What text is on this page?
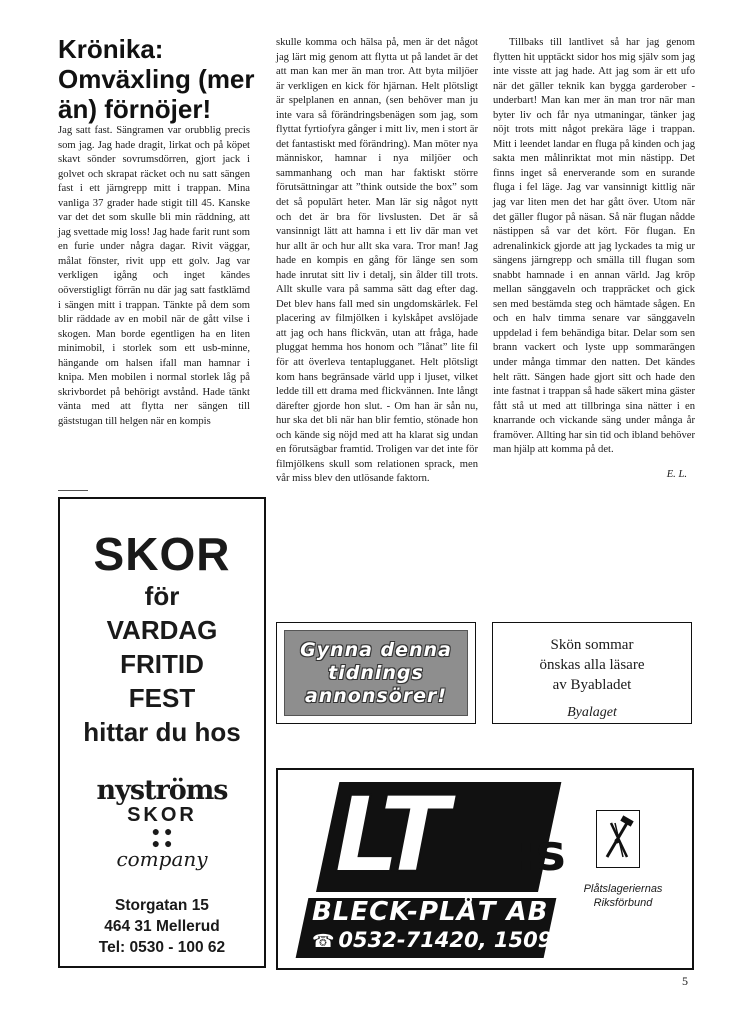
Krönika:
Omväxling (mer
än) förnöjer!

Jag satt fast. Sängramen var orubblig precis som jag. Jag hade dragit, lirkat och på köpet skavt sönder sovrumsdörren, gjort jack i golvet och skrapat räcket och nu satt sängen fast i ett järngrepp mitt i trappan. Mina vanliga 37 grader hade stigit till 45. Kanske var det det som skulle bli min räddning, att jag svettade mig loss! Jag hade farit runt som en furie under några dagar. Rivit väggar, målat fönster, rivit upp ett golv. Jag var verkligen igång och inget kändes oöverstigligt förrän nu där jag satt fastklämd i sängen mitt i trappan. Tänkte på dem som blir räddade av en mobil när de gått vilse i skogen. Man borde egentligen ha en liten minimobil, i storlek som ett usb-minne, hängande om halsen ifall man hamnar i knipa. Men mobilen i normal storlek låg på skrivbordet på behörigt avstånd. Hade tänkt vänta med att flytta ner sängen till gäststugan till helgen när en kompis

skulle komma och hälsa på, men är det något jag lärt mig genom att flytta ut på landet är det att man kan mer än man tror. Att byta miljöer är verkligen en kick för hjärnan. Helt plötsligt är spelplanen en annan, (sen behöver man ju inte vara så förändringsbenägen som jag, som flyttat fyrtiofyra gånger i mitt liv, men i stort är det fantastiskt med förändring). Man möter nya människor, hamnar i nya miljöer och sammanhang och man har faktiskt större förutsättningar att ”think outside the box” som det så populärt heter. Man lär sig något nytt och det är bra för livslusten. Det är så vansinnigt lätt att hamna i ett liv där man vet hur allt är och hur allt ska vara. Tror man! Jag hade en kompis en gång för länge sen som hade inrutat sitt liv i detalj, sin ålder till trots. Allt skulle vara på samma sätt dag efter dag. Det blev hans fall med sin ungdomskärlek. Fel placering av filmjölken i kylskåpet avslöjade att jag och hans flickvän, utan att fråga, hade pluggat hemma hos honom och ”lånat” lite fil för att överleva tentaplugganet. Helt plötsligt kom hans begränsade värld upp i ljuset, vilket ledde till ett drama med flickvännen. Inte långt därefter gjorde hon slut. - Om han är sån nu, hur ska det bli när han blir femtio, stönade hon och kände sig nöjd med att ha klarat sig undan en förutsägbar framtid. Troligen var det inte för filmjölkens skull som relationen sprack, men vår miss blev den utlösande faktorn.

Tillbaks till lantlivet så har jag genom flytten hit upptäckt sidor hos mig själv som jag inte visste att jag hade. Att jag som är ett ufo när det gäller teknik kan bygga garderober - underbart! Man kan mer än man tror när man byter liv och får nya utmaningar, tänker jag nöjt trots mitt något prekära läge i trappan. Mitt i leendet landar en fluga på kinden och jag sakta men målinriktat mot min nästipp. Det finns inget så enerverande som en surande fluga i fel läge. Jag var vansinnigt kittlig när jag var liten men det har gått över. Utom när det gäller flugor på näsan. Så när flugan nådde nästippen så var det kört. För flugan. En adrenalinkick gjorde att jag lyckades ta mig ur sängens järngrepp och smälla till flugan som snabbt hamnade i en annan värld. Jag kröp mellan sänggaveln och trappräcket och gick sen med bestämda steg och hämtade sågen. En och en halv timma senare var sänggaveln uppdelad i fem behändiga bitar. Delar som sen brann vackert och lyste upp sommarängen under många timmar den natten. Det kändes helt rätt. Sängen hade gjort sitt och hade den inte fastnat i trappan så hade säkert mina gäster fått stå ut med att tillbringa sina nätter i en knarrande och vickande säng under många år framöver. Allting har sin tid och ibland behöver man hjälp att komma på det.

E. L.

SKOR
för
VARDAG
FRITID
FEST
hittar du hos
nyströms
SKOR
● ●
● ●
company
Storgatan 15
464 31 Mellerud
Tel: 0530 - 100 62
Gynna denna
tidnings
annonsörer!
Skön sommar
önskas alla läsare
av Byabladet
Byalaget
LT :s
BLECK-PLÅT AB
☎ 0532-71420, 15092
Plåtslageriernas
Riksförbund
5
